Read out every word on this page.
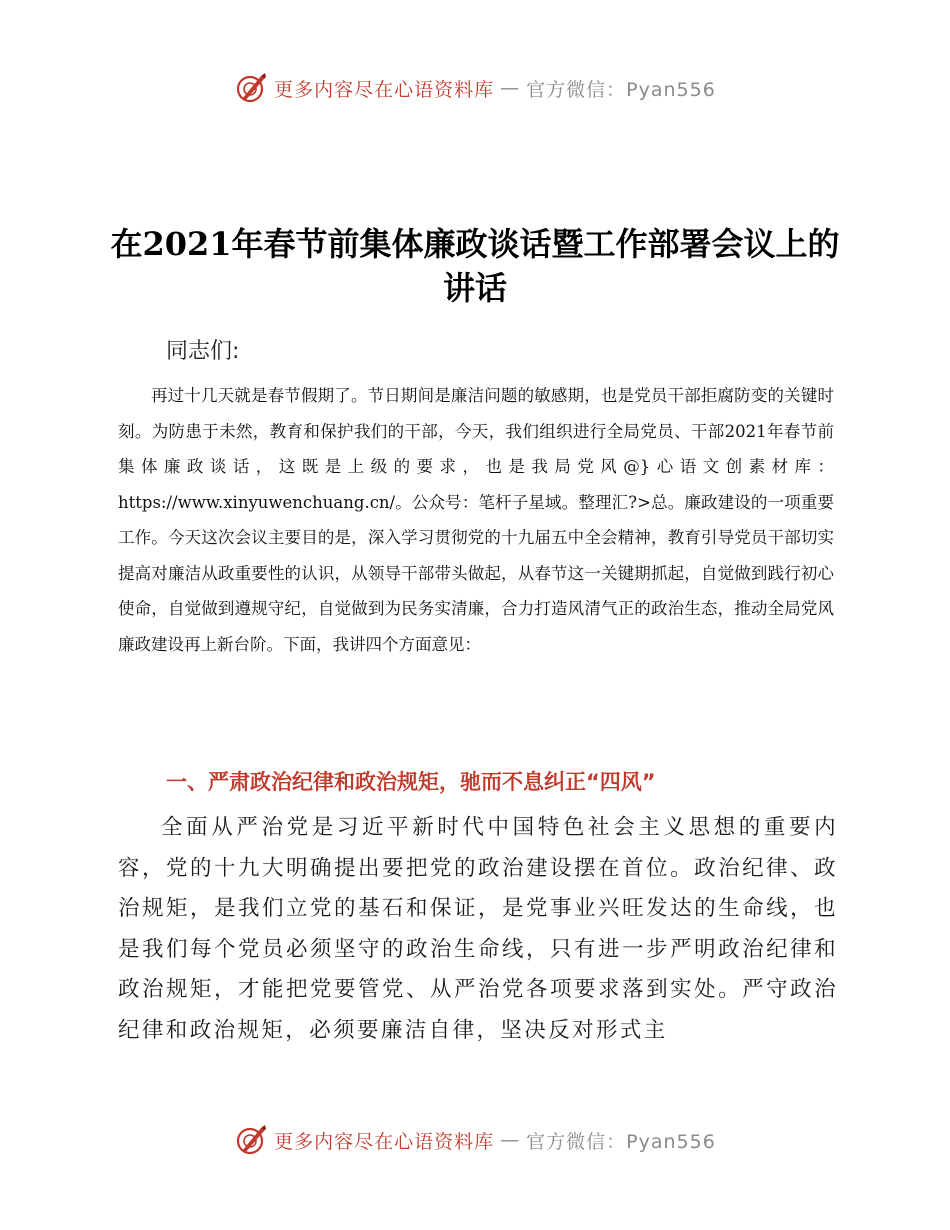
更多内容尽在心语资料库 — 官方微信：Pyan556
在2021年春节前集体廉政谈话暨工作部署会议上的讲话

同志们:

再过十几天就是春节假期了。节日期间是廉洁问题的敏感期，也是党员干部拒腐防变的关键时刻。为防患于未然，教育和保护我们的干部，今天，我们组织进行全局党员、干部2021年春节前集体廉政谈话，这既是上级的要求，也是我局党风@}心语文创素材库：https://www.xinyuwenchuang.cn/。公众号：笔杆子星域。整理汇?>总。廉政建设的一项重要工作。今天这次会议主要目的是，深入学习贯彻党的十九届五中全会精神，教育引导党员干部切实提高对廉洁从政重要性的认识，从领导干部带头做起，从春节这一关键期抓起，自觉做到践行初心使命，自觉做到遵规守纪，自觉做到为民务实清廉，合力打造风清气正的政治生态，推动全局党风廉政建设再上新台阶。下面，我讲四个方面意见：

一、严肃政治纪律和政治规矩，驰而不息纠正“四风”

全面从严治党是习近平新时代中国特色社会主义思想的重要内容，党的十九大明确提出要把党的政治建设摆在首位。政治纪律、政治规矩，是我们立党的基石和保证，是党事业兴旺发达的生命线，也是我们每个党员必须坚守的政治生命线，只有进一步严明政治纪律和政治规矩，才能把党要管党、从严治党各项要求落到实处。严守政治纪律和政治规矩，必须要廉洁自律，坚决反对形式主

更多内容尽在心语资料库 — 官方微信：Pyan556
